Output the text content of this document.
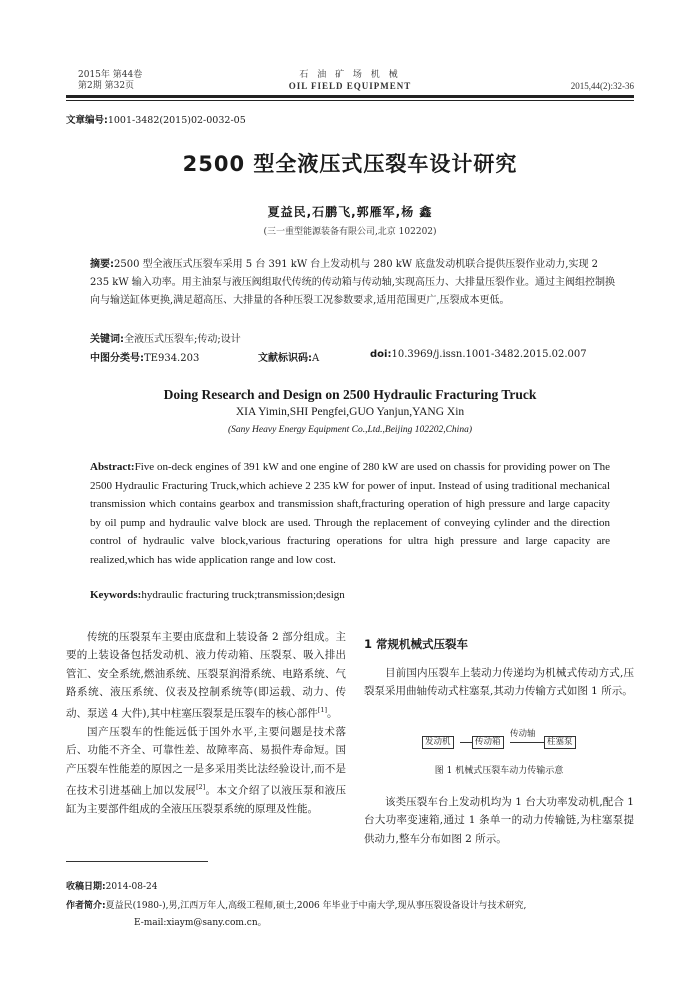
2015年 第44卷
第2期 第32页
石 油 矿 场 机 械
OIL FIELD EQUIPMENT	2015,44(2):32-36
文章编号:1001-3482(2015)02-0032-05
2500 型全液压式压裂车设计研究
夏益民,石鹏飞,郭雁军,杨 鑫
(三一重型能源装备有限公司,北京 102202)
摘要:2500 型全液压式压裂车采用 5 台 391 kW 台上发动机与 280 kW 底盘发动机联合提供压裂作业动力,实现 2 235 kW 输入功率。用主油泵与液压阀组取代传统的传动箱与传动轴,实现高压力、大排量压裂作业。通过主阀组控制换向与输送缸体更换,满足超高压、大排量的各种压裂工况参数要求,适用范围更广,压裂成本更低。
关键词:全液压式压裂车;传动;设计
中图分类号:TE934.203	文献标识码:A	doi:10.3969/j.issn.1001-3482.2015.02.007
Doing Research and Design on 2500 Hydraulic Fracturing Truck
XIA Yimin,SHI Pengfei,GUO Yanjun,YANG Xin
(Sany Heavy Energy Equipment Co.,Ltd.,Beijing 102202,China)
Abstract:Five on-deck engines of 391 kW and one engine of 280 kW are used on chassis for providing power on The 2500 Hydraulic Fracturing Truck,which achieve 2 235 kW for power of input. Instead of using traditional mechanical transmission which contains gearbox and transmission shaft,fracturing operation of high pressure and large capacity by oil pump and hydraulic valve block are used. Through the replacement of conveying cylinder and the direction control of hydraulic valve block,various fracturing operations for ultra high pressure and large capacity are realized,which has wide application range and low cost.
Keywords:hydraulic fracturing truck;transmission;design

传统的压裂泵车主要由底盘和上装设备 2 部分组成。主要的上装设备包括发动机、液力传动箱、压裂泵、吸入排出管汇、安全系统,燃油系统、压裂泵润滑系统、电路系统、气路系统、液压系统、仪表及控制系统等(即运载、动力、传动、泵送 4 大件),其中柱塞压裂泵是压裂车的核心部件[1]。

国产压裂车的性能远低于国外水平,主要问题是技术落后、功能不齐全、可靠性差、故障率高、易损件寿命短。国产压裂车性能差的原因之一是多采用类比法经验设计,而不是在技术引进基础上加以发展[2]。本文介绍了以液压泵和液压缸为主要部件组成的全液压压裂泵系统的原理及性能。

1 常规机械式压裂车

目前国内压裂车上装动力传递均为机械式传动方式,压裂泵采用曲轴传动式柱塞泵,其动力传输方式如图 1 所示。

发动机	传动箱
传动轴
柱塞泵
图 1 机械式压裂车动力传输示意

该类压裂车台上发动机均为 1 台大功率发动机,配合 1 台大功率变速箱,通过 1 条单一的动力传输链,为柱塞泵提供动力,整车分布如图 2 所示。

收稿日期:2014-08-24
作者简介:夏益民(1980-),男,江西万年人,高级工程师,硕士,2006 年毕业于中南大学,现从事压裂设备设计与技术研究,
E-mail:xiaym@sany.com.cn。
